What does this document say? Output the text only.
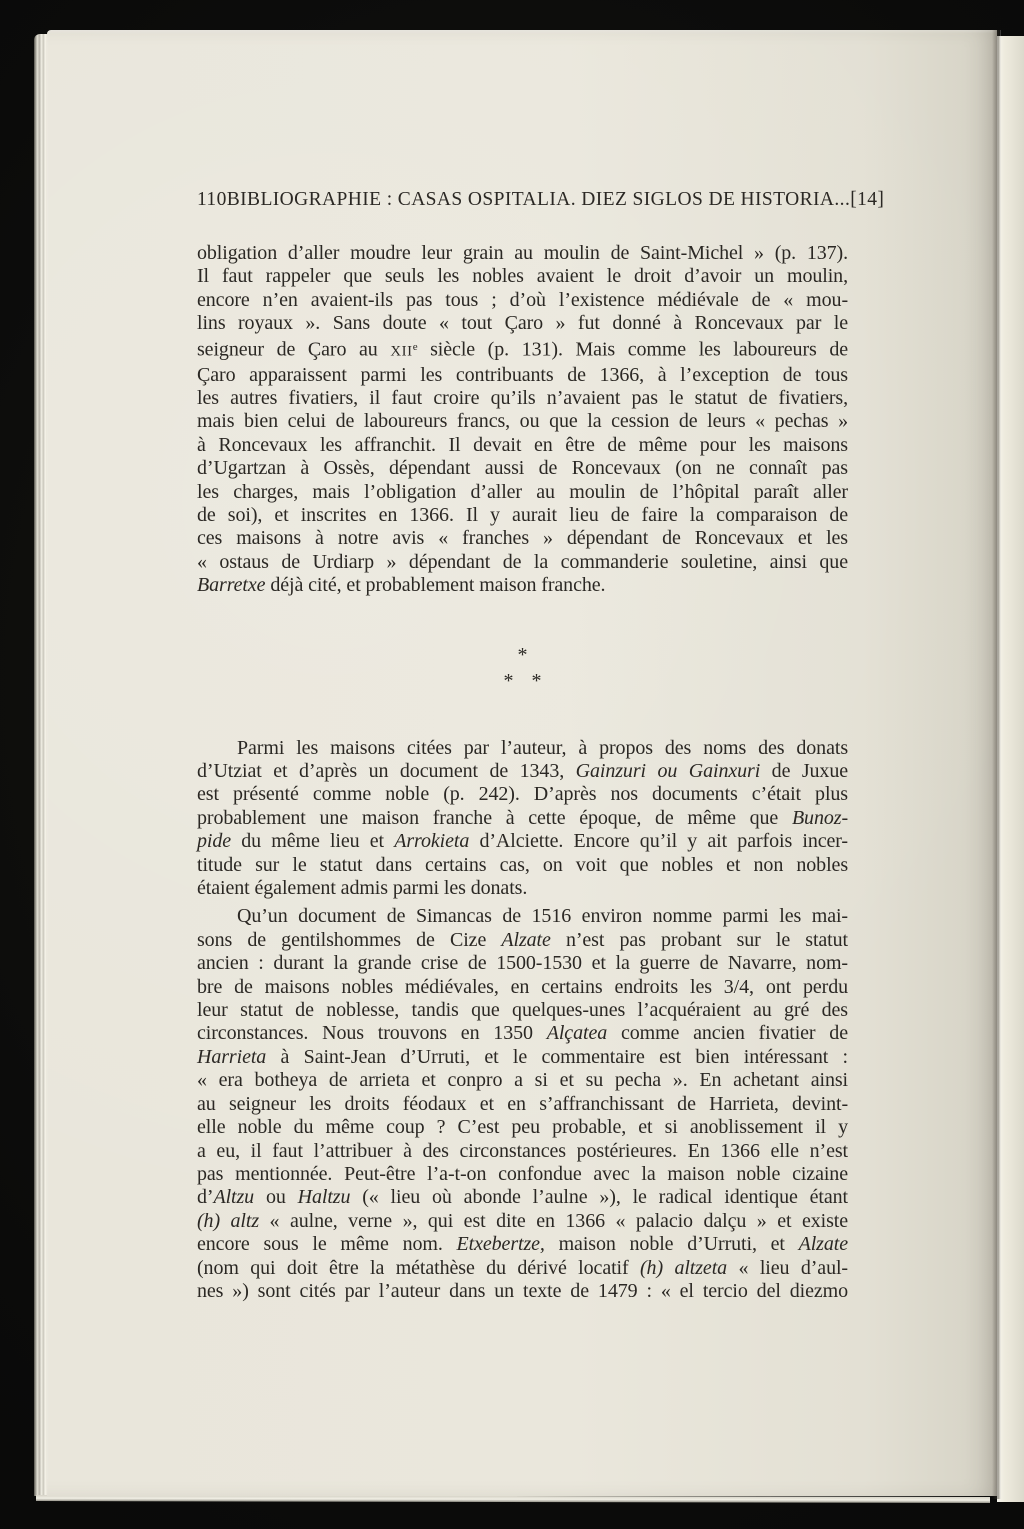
110 BIBLIOGRAPHIE : CASAS OSPITALIA. DIEZ SIGLOS DE HISTORIA... [14]
obligation d’aller moudre leur grain au moulin de Saint-Michel » (p. 137).
Il faut rappeler que seuls les nobles avaient le droit d’avoir un moulin,
encore n’en avaient-ils pas tous ; d’où l’existence médiévale de « mou-
lins royaux ». Sans doute « tout Çaro » fut donné à Roncevaux par le
seigneur de Çaro au XIIe siècle (p. 131). Mais comme les laboureurs de
Çaro apparaissent parmi les contribuants de 1366, à l’exception de tous
les autres fivatiers, il faut croire qu’ils n’avaient pas le statut de fivatiers,
mais bien celui de laboureurs francs, ou que la cession de leurs « pechas »
à Roncevaux les affranchit. Il devait en être de même pour les maisons
d’Ugartzan à Ossès, dépendant aussi de Roncevaux (on ne connaît pas
les charges, mais l’obligation d’aller au moulin de l’hôpital paraît aller
de soi), et inscrites en 1366. Il y aurait lieu de faire la comparaison de
ces maisons à notre avis « franches » dépendant de Roncevaux et les
« ostaus de Urdiarp » dépendant de la commanderie souletine, ainsi que
Barretxe déjà cité, et probablement maison franche.
Parmi les maisons citées par l’auteur, à propos des noms des donats
d’Utziat et d’après un document de 1343, Gainzuri ou Gainxuri de Juxue
est présenté comme noble (p. 242). D’après nos documents c’était plus
probablement une maison franche à cette époque, de même que Bunoz-
pide du même lieu et Arrokieta d’Alciette. Encore qu’il y ait parfois incer-
titude sur le statut dans certains cas, on voit que nobles et non nobles
étaient également admis parmi les donats.
Qu’un document de Simancas de 1516 environ nomme parmi les mai-
sons de gentilshommes de Cize Alzate n’est pas probant sur le statut
ancien : durant la grande crise de 1500-1530 et la guerre de Navarre, nom-
bre de maisons nobles médiévales, en certains endroits les 3/4, ont perdu
leur statut de noblesse, tandis que quelques-unes l’acquéraient au gré des
circonstances. Nous trouvons en 1350 Alçatea comme ancien fivatier de
Harrieta à Saint-Jean d’Urruti, et le commentaire est bien intéressant :
« era botheya de arrieta et conpro a si et su pecha ». En achetant ainsi
au seigneur les droits féodaux et en s’affranchissant de Harrieta, devint-
elle noble du même coup ? C’est peu probable, et si anoblissement il y
a eu, il faut l’attribuer à des circonstances postérieures. En 1366 elle n’est
pas mentionnée. Peut-être l’a-t-on confondue avec la maison noble cizaine
d’Altzu ou Haltzu (« lieu où abonde l’aulne »), le radical identique étant
(h) altz « aulne, verne », qui est dite en 1366 « palacio dalçu » et existe
encore sous le même nom. Etxebertze, maison noble d’Urruti, et Alzate
(nom qui doit être la métathèse du dérivé locatif (h) altzeta « lieu d’aul-
nes ») sont cités par l’auteur dans un texte de 1479 : « el tercio del diezmo
*
* *
